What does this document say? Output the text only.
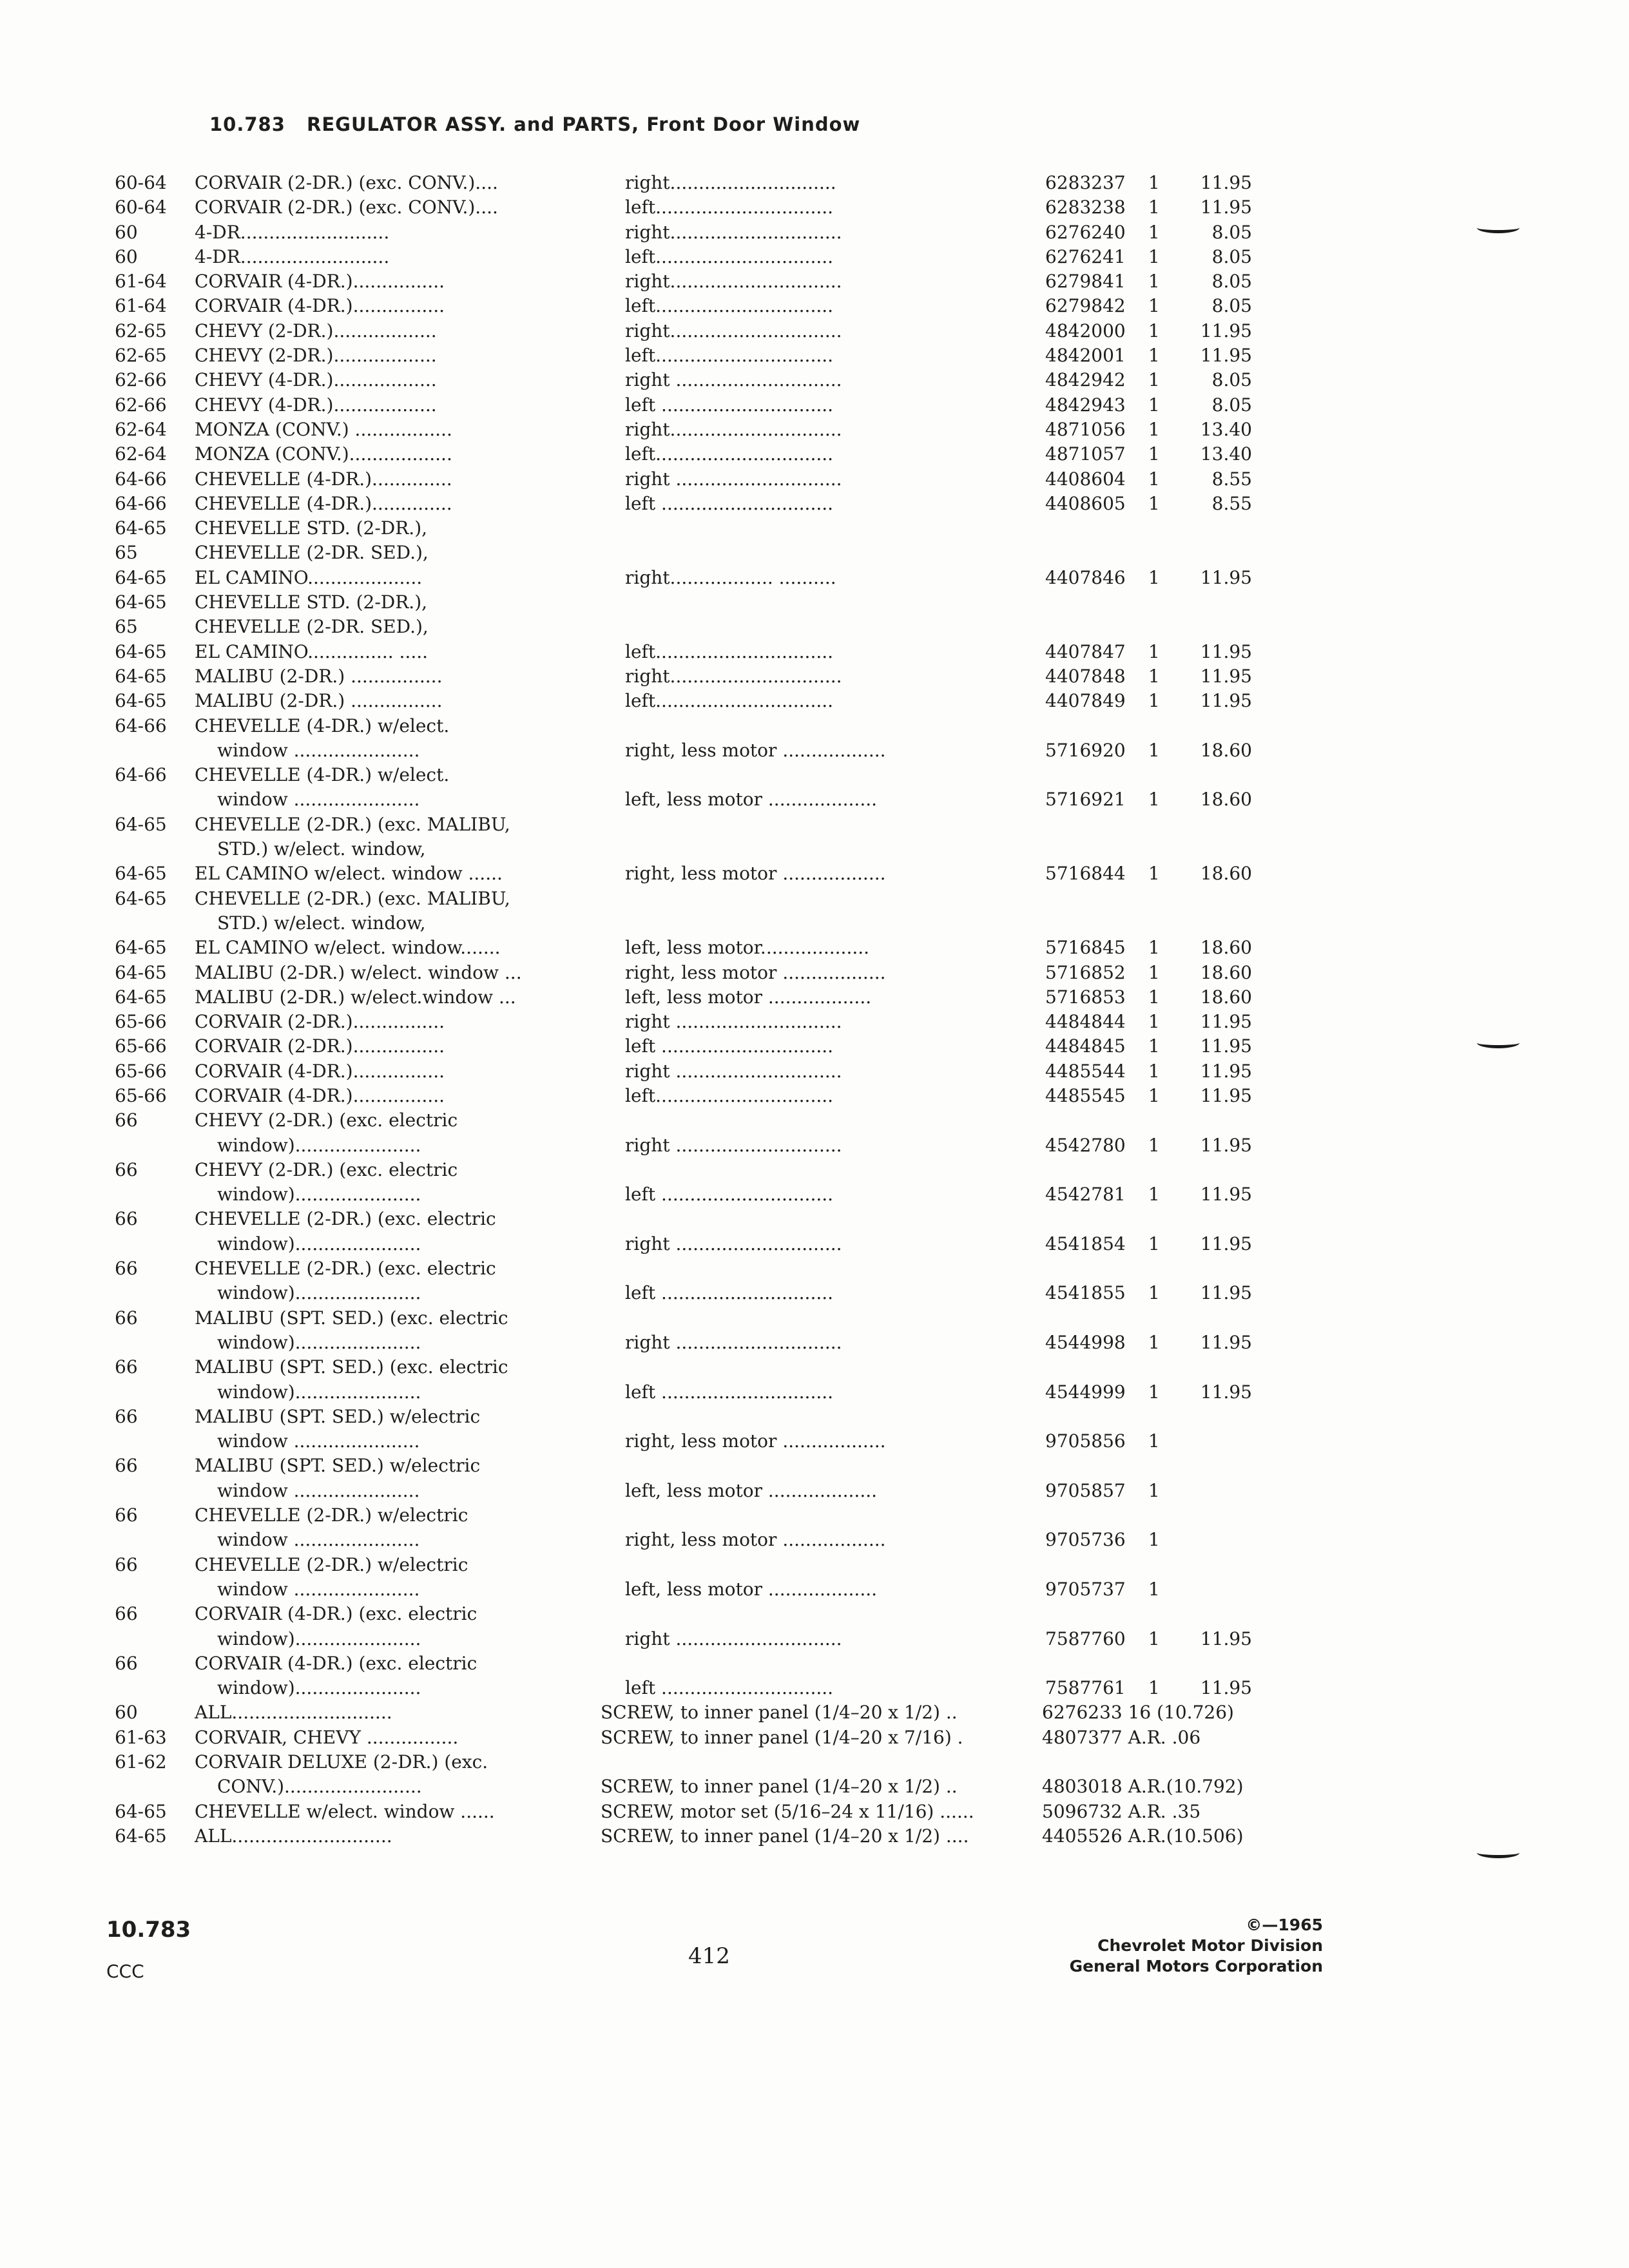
10.783 REGULATOR ASSY. and PARTS, Front Door Window
60-64 CORVAIR (2-DR.) (exc. CONV.)....	right.............................	6283237 1 11.95
60-64 CORVAIR (2-DR.) (exc. CONV.)....	left...............................	6283238 1 11.95
60	4-DR..........................	right..............................	6276240 1	8.05
60	4-DR..........................	left...............................	6276241 1	8.05
61-64 CORVAIR (4-DR.)................	right..............................	6279841 1	8.05
61-64 CORVAIR (4-DR.)................	left...............................	6279842 1	8.05
62-65 CHEVY (2-DR.)..................	right..............................	4842000 1 11.95
62-65 CHEVY (2-DR.)..................	left...............................	4842001 1 11.95
62-66 CHEVY (4-DR.)..................	right .............................	4842942 1	8.05
62-66 CHEVY (4-DR.)..................	left ..............................	4842943 1	8.05
62-64 MONZA (CONV.) .................	right..............................	4871056 1 13.40
62-64 MONZA (CONV.)..................	left...............................	4871057 1 13.40
64-66 CHEVELLE (4-DR.)..............	right .............................	4408604 1	8.55
64-66 CHEVELLE (4-DR.)..............	left ..............................	4408605 1	8.55
64-65 CHEVELLE STD. (2-DR.),
65	CHEVELLE (2-DR. SED.),
64-65 EL CAMINO....................	right.................. ..........	4407846 1 11.95
64-65 CHEVELLE STD. (2-DR.),
65	CHEVELLE (2-DR. SED.),
64-65 EL CAMINO............... .....	left...............................	4407847 1 11.95
64-65 MALIBU (2-DR.) ................	right..............................	4407848 1 11.95
64-65 MALIBU (2-DR.) ................	left...............................	4407849 1 11.95
64-66 CHEVELLE (4-DR.) w/elect.
window ......................	right, less motor ..................	5716920 1 18.60
64-66 CHEVELLE (4-DR.) w/elect.
window ......................	left, less motor ...................	5716921 1 18.60
64-65 CHEVELLE (2-DR.) (exc. MALIBU,
STD.) w/elect. window,
64-65 EL CAMINO w/elect. window ......	right, less motor ..................	5716844 1 18.60
64-65 CHEVELLE (2-DR.) (exc. MALIBU,
STD.) w/elect. window,
64-65 EL CAMINO w/elect. window.......	left, less motor...................	5716845 1 18.60
64-65 MALIBU (2-DR.) w/elect. window ...	right, less motor ..................	5716852 1 18.60
64-65 MALIBU (2-DR.) w/elect.window ...	left, less motor ..................	5716853 1 18.60
65-66 CORVAIR (2-DR.)................	right .............................	4484844 1 11.95
65-66 CORVAIR (2-DR.)................	left ..............................	4484845 1 11.95
65-66 CORVAIR (4-DR.)................	right .............................	4485544 1 11.95
65-66 CORVAIR (4-DR.)................	left...............................	4485545 1 11.95
66	CHEVY (2-DR.) (exc. electric
window)......................	right .............................	4542780 1 11.95
66	CHEVY (2-DR.) (exc. electric
window)......................	left ..............................	4542781 1 11.95
66	CHEVELLE (2-DR.) (exc. electric
window)......................	right .............................	4541854 1 11.95
66	CHEVELLE (2-DR.) (exc. electric
window)......................	left ..............................	4541855 1 11.95
66	MALIBU (SPT. SED.) (exc. electric
window)......................	right .............................	4544998 1 11.95
66	MALIBU (SPT. SED.) (exc. electric
window)......................	left ..............................	4544999 1 11.95
66	MALIBU (SPT. SED.) w/electric
window ......................	right, less motor ..................	9705856 1
66	MALIBU (SPT. SED.) w/electric
window ......................	left, less motor ...................	9705857 1
66	CHEVELLE (2-DR.) w/electric
window ......................	right, less motor ..................	9705736 1
66	CHEVELLE (2-DR.) w/electric
window ......................	left, less motor ...................	9705737 1
66	CORVAIR (4-DR.) (exc. electric
window)......................	right .............................	7587760 1 11.95
66	CORVAIR (4-DR.) (exc. electric
window)......................	left ..............................	7587761 1 11.95
60	ALL............................	SCREW, to inner panel (1/4–20 x 1/2) ..	6276233 16 (10.726)
61-63 CORVAIR, CHEVY ................	SCREW, to inner panel (1/4–20 x 7/16) .	4807377 A.R. .06
61-62 CORVAIR DELUXE (2-DR.) (exc.
CONV.)........................	SCREW, to inner panel (1/4–20 x 1/2) ..	4803018 A.R.(10.792)
64-65 CHEVELLE w/elect. window ......	SCREW, motor set (5/16–24 x 11/16) ......	5096732 A.R. .35
64-65 ALL............................	SCREW, to inner panel (1/4–20 x 1/2) ....	4405526 A.R.(10.506)
10.783
CCC
412
©—1965
Chevrolet Motor Division
General Motors Corporation
